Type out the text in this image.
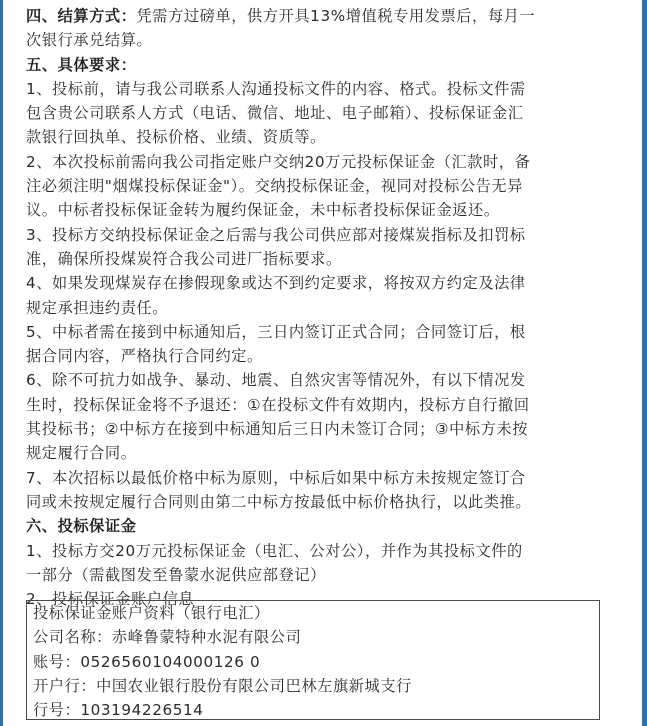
四、结算方式：凭需方过磅单，供方开具13%增值税专用发票后，每月一
次银行承兑结算。
五、具体要求：
1、投标前，请与我公司联系人沟通投标文件的内容、格式。投标文件需
包含贵公司联系人方式（电话、微信、地址、电子邮箱）、投标保证金汇
款银行回执单、投标价格、业绩、资质等。
2、本次投标前需向我公司指定账户交纳20万元投标保证金（汇款时，备
注必须注明"烟煤投标保证金"）。交纳投标保证金，视同对投标公告无异
议。中标者投标保证金转为履约保证金，未中标者投标保证金返还。
3、投标方交纳投标保证金之后需与我公司供应部对接煤炭指标及扣罚标
准，确保所投煤炭符合我公司进厂指标要求。
4、如果发现煤炭存在掺假现象或达不到约定要求，将按双方约定及法律
规定承担违约责任。
5、中标者需在接到中标通知后，三日内签订正式合同；合同签订后，根
据合同内容，严格执行合同约定。
6、除不可抗力如战争、暴动、地震、自然灾害等情况外，有以下情况发
生时，投标保证金将不予退还：①在投标文件有效期内，投标方自行撤回
其投标书；②中标方在接到中标通知后三日内未签订合同；③中标方未按
规定履行合同。
7、本次招标以最低价格中标为原则，中标后如果中标方未按规定签订合
同或未按规定履行合同则由第二中标方按最低中标价格执行，以此类推。
六、投标保证金
1、投标方交20万元投标保证金（电汇、公对公），并作为其投标文件的
一部分（需截图发至鲁蒙水泥供应部登记）
2、投标保证金账户信息
投标保证金账户资料（银行电汇）
公司名称：赤峰鲁蒙特种水泥有限公司
账号：0526560104000126 0
开户行：中国农业银行股份有限公司巴林左旗新城支行
行号：103194226514
